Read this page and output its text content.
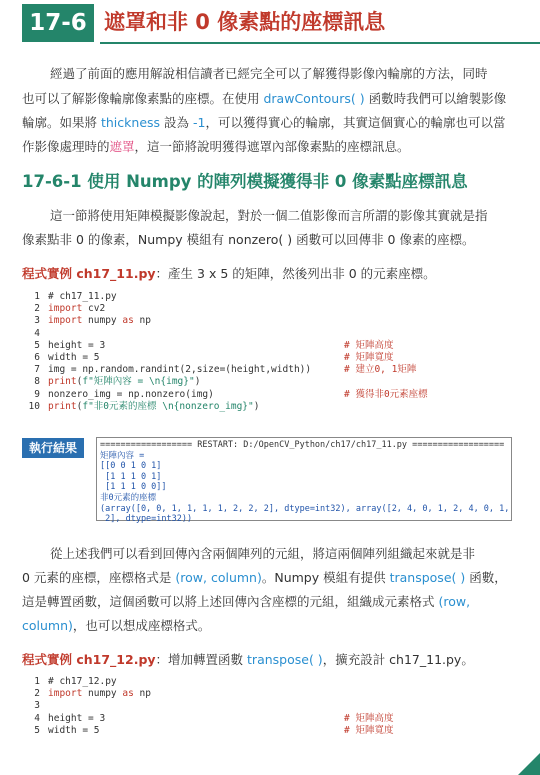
17-6 遮罩和非 0 像素點的座標訊息
經過了前面的應用解說相信讀者已經完全可以了解獲得影像內輪廓的方法，同時
也可以了解影像輪廓像素點的座標。在使用 drawContours( ) 函數時我們可以繪製影像
輪廓。如果將 thickness 設為 -1，可以獲得實心的輪廓，其實這個實心的輪廓也可以當
作影像處理時的遮罩，這一節將說明獲得遮罩內部像素點的座標訊息。
17-6-1 使用 Numpy 的陣列模擬獲得非 0 像素點座標訊息
這一節將使用矩陣模擬影像說起，對於一個二值影像而言所謂的影像其實就是指
像素點非 0 的像素，Numpy 模組有 nonzero( ) 函數可以回傳非 0 像素的座標。
程式實例 ch17_11.py：產生 3 x 5 的矩陣，然後列出非 0 的元素座標。
1 # ch17_11.py
2 import cv2
3 import numpy as np
4
5 height = 3	# 矩陣高度
6 width = 5	# 矩陣寬度
7 img = np.random.randint(2,size=(height,width))	# 建立0, 1矩陣
8 print(f"矩陣內容 = \n{img}")
9 nonzero_img = np.nonzero(img)	# 獲得非0元素座標
10 print(f"非0元素的座標 \n{nonzero_img}")
執行結果	================== RESTART: D:/OpenCV_Python/ch17/ch17_11.py ==================
矩陣內容 =
[[0 0 1 0 1]
[1 1 1 0 1]
[1 1 1 0 0]]
非0元素的座標
(array([0, 0, 1, 1, 1, 1, 2, 2, 2], dtype=int32), array([2, 4, 0, 1, 2, 4, 0, 1,
2], dtype=int32))
從上述我們可以看到回傳內含兩個陣列的元組，將這兩個陣列組織起來就是非
0 元素的座標，座標格式是 (row, column)。Numpy 模組有提供 transpose( ) 函數，
這是轉置函數，這個函數可以將上述回傳內含座標的元組，組織成元素格式 (row,
column)，也可以想成座標格式。
程式實例 ch17_12.py：增加轉置函數 transpose( )，擴充設計 ch17_11.py。
1 # ch17_12.py
2 import numpy as np
3
4 height = 3	# 矩陣高度
5 width = 5	# 矩陣寬度
